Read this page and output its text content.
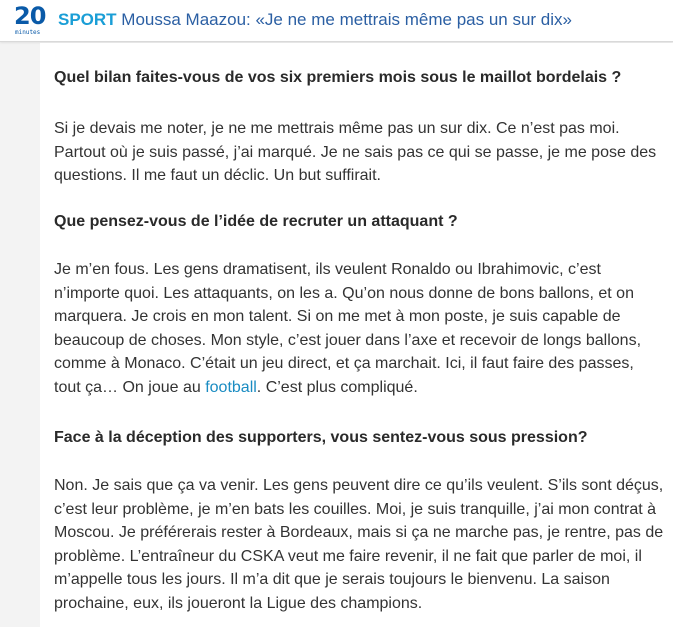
20
minutes
SPORT Moussa Maazou: «Je ne me mettrais même pas un sur dix»

Quel bilan faites-vous de vos six premiers mois sous le maillot bordelais ?

Si je devais me noter, je ne me mettrais même pas un sur dix. Ce n’est pas moi.
Partout où je suis passé, j’ai marqué. Je ne sais pas ce qui se passe, je me pose des
questions. Il me faut un déclic. Un but suffirait.

Que pensez-vous de l’idée de recruter un attaquant ?

Je m’en fous. Les gens dramatisent, ils veulent Ronaldo ou Ibrahimovic, c’est
n’importe quoi. Les attaquants, on les a. Qu’on nous donne de bons ballons, et on
marquera. Je crois en mon talent. Si on me met à mon poste, je suis capable de
beaucoup de choses. Mon style, c’est jouer dans l’axe et recevoir de longs ballons,
comme à Monaco. C’était un jeu direct, et ça marchait. Ici, il faut faire des passes,
tout ça… On joue au football. C’est plus compliqué.

Face à la déception des supporters, vous sentez-vous sous pression?

Non. Je sais que ça va venir. Les gens peuvent dire ce qu’ils veulent. S’ils sont déçus,
c’est leur problème, je m’en bats les couilles. Moi, je suis tranquille, j’ai mon contrat à
Moscou. Je préférerais rester à Bordeaux, mais si ça ne marche pas, je rentre, pas de
problème. L’entraîneur du CSKA veut me faire revenir, il ne fait que parler de moi, il
m’appelle tous les jours. Il m’a dit que je serais toujours le bienvenu. La saison
prochaine, eux, ils joueront la Ligue des champions.
